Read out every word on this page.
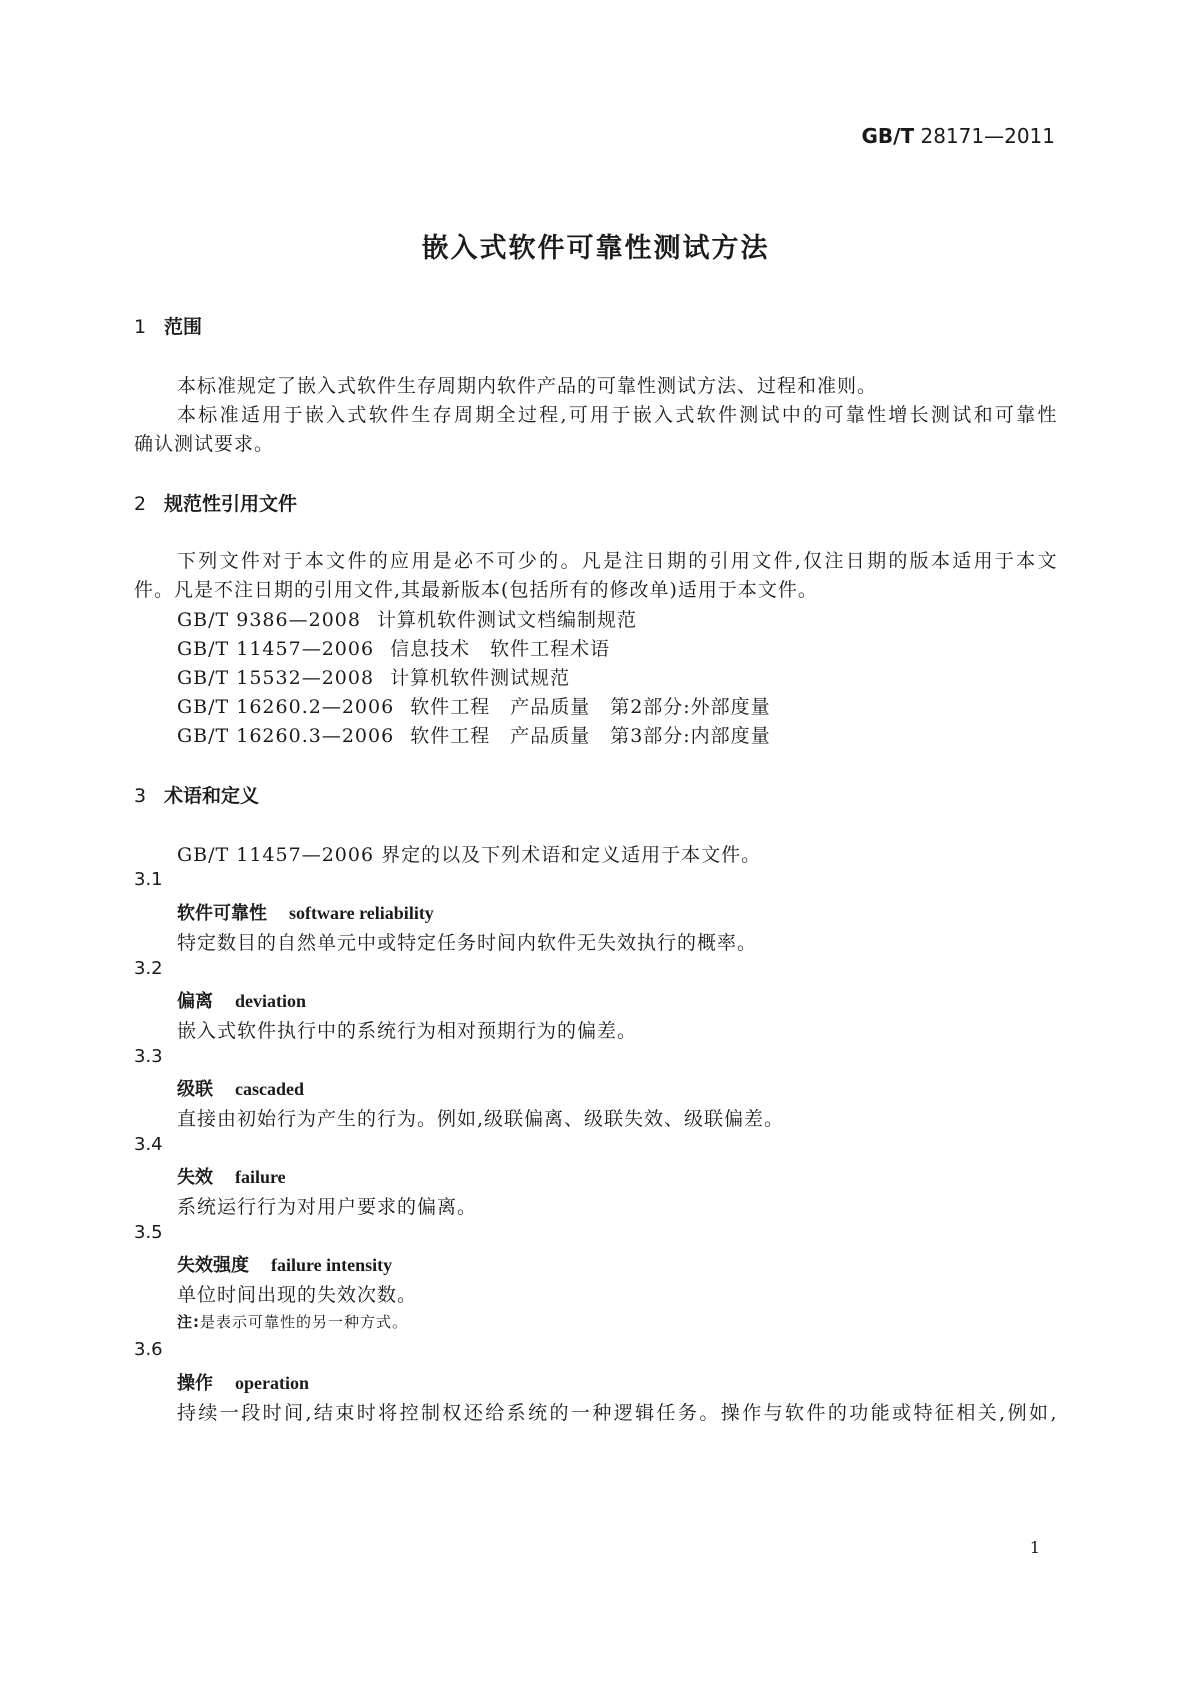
GB/T 28171—2011
嵌入式软件可靠性测试方法
1 范围
本标准规定了嵌入式软件生存周期内软件产品的可靠性测试方法、过程和准则。
本标准适用于嵌入式软件生存周期全过程,可用于嵌入式软件测试中的可靠性增长测试和可靠性
确认测试要求。
2 规范性引用文件
下列文件对于本文件的应用是必不可少的。凡是注日期的引用文件,仅注日期的版本适用于本文
件。凡是不注日期的引用文件,其最新版本(包括所有的修改单)适用于本文件。
GB/T 9386—2008 计算机软件测试文档编制规范
GB/T 11457—2006 信息技术　软件工程术语
GB/T 15532—2008 计算机软件测试规范
GB/T 16260.2—2006 软件工程　产品质量　第2部分:外部度量
GB/T 16260.3—2006 软件工程　产品质量　第3部分:内部度量
3 术语和定义
GB/T 11457—2006 界定的以及下列术语和定义适用于本文件。
3.1
软件可靠性 software reliability
特定数目的自然单元中或特定任务时间内软件无失效执行的概率。
3.2
偏离 deviation
嵌入式软件执行中的系统行为相对预期行为的偏差。
3.3
级联 cascaded
直接由初始行为产生的行为。例如,级联偏离、级联失效、级联偏差。
3.4
失效 failure
系统运行行为对用户要求的偏离。
3.5
失效强度 failure intensity
单位时间出现的失效次数。
注:是表示可靠性的另一种方式。
3.6
操作 operation
持续一段时间,结束时将控制权还给系统的一种逻辑任务。操作与软件的功能或特征相关,例如,
1
